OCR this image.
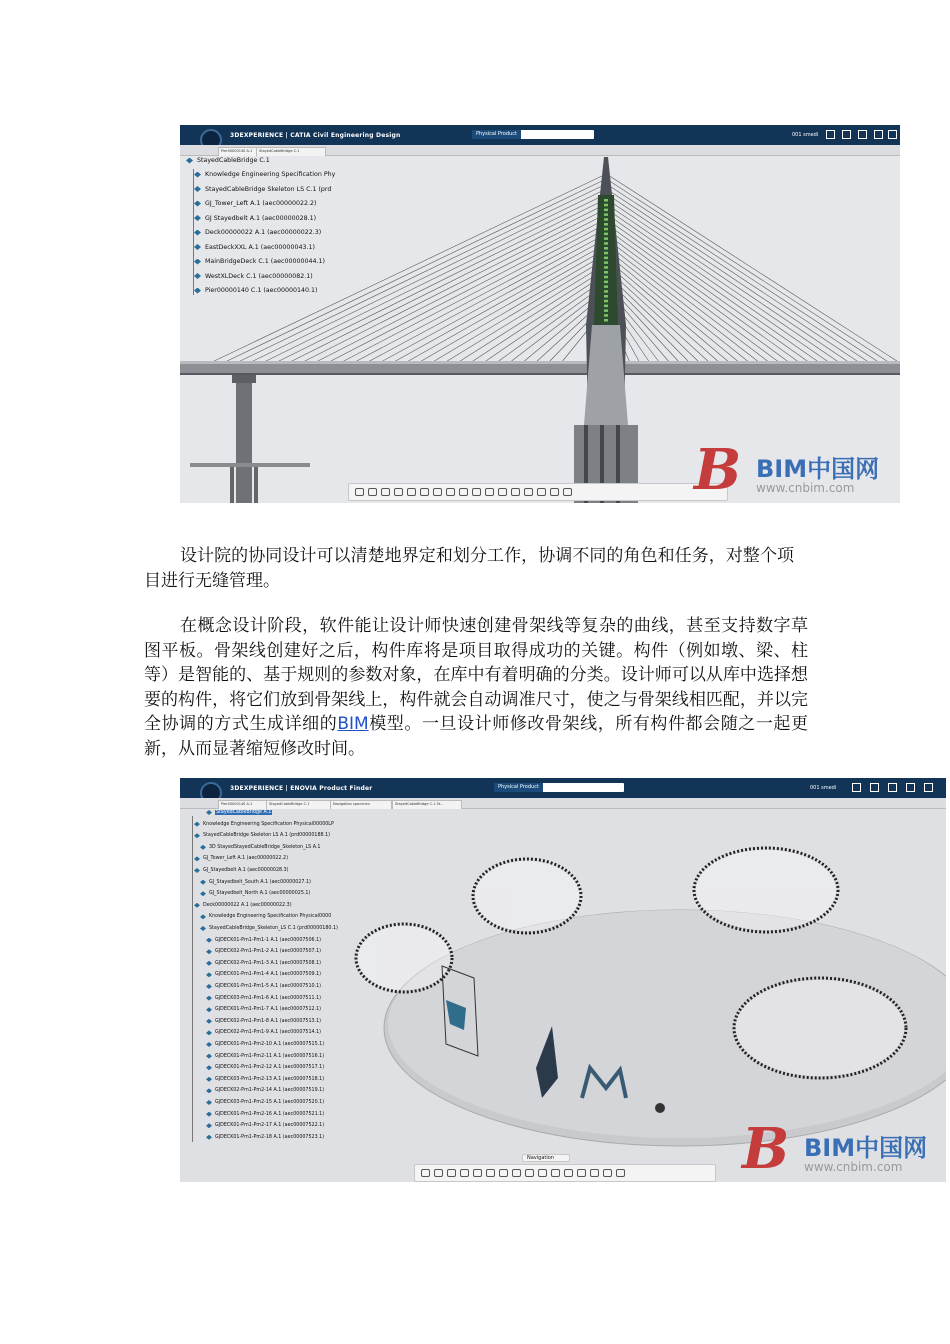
3DEXPERIENCE | CATIA Civil Engineering Design	Physical Product	001 smedi
Pier00000140 A.1	StayedCableBridge C.1
StayedCableBridge C.1
Knowledge Engineering Specification Phy
StayedCableBridge Skeleton LS C.1 (prd
GJ_Tower_Left A.1 (aec00000022.2)
GJ Stayedbelt A.1 (aec00000028.1)
Deck00000022 A.1 (aec00000022.3)
EastDeckXXL A.1 (aec00000043.1)
MainBridgeDeck C.1 (aec00000044.1)
WestXLDeck C.1 (aec00000082.1)
Pier00000140 C.1 (aec00000140.1)
B BIM中国网
www.cnbim.com

设计院的协同设计可以清楚地界定和划分工作，协调不同的角色和任务，对整个项目进行无缝管理。

在概念设计阶段，软件能让设计师快速创建骨架线等复杂的曲线，甚至支持数字草图平板。骨架线创建好之后，构件库将是项目取得成功的关键。构件（例如墩、梁、柱等）是智能的、基于规则的参数对象，在库中有着明确的分类。设计师可以从库中选择想要的构件，将它们放到骨架线上，构件就会自动调准尺寸，使之与骨架线相匹配，并以完全协调的方式生成详细的BIM模型。一旦设计师修改骨架线，所有构件都会随之一起更新，从而显著缩短修改时间。

3DEXPERIENCE | ENOVIA Product Finder	Physical Product	001 smedi
Pier00000140 A.1	StayedCableBridge C.1	Navigation specimen	StayedCableBridge C.1 St...
StayedCableBridge A.1
Knowledge Engineering Specification Physical00000LP
StayedCableBridge Skeleton LS A.1 (prd00000188.1)
3D StayedStayedCableBridge_Skeleton_LS A.1
GJ_Tower_Left A.1 (aec00000022.2)
GJ_Stayedbelt A.1 (aec00000028.3)
GJ_Stayedbelt_South A.1 (aec00000027.1)
GJ_Stayedbelt_North A.1 (aec00000025.1)
Deck00000022 A.1 (aec00000022.3)
Knowledge Engineering Specification Physical0000
StayedCableBridge_Skeleton_LS C.1 (prd00000180.1)
GJDECK01-Pm1-Pm1-1 A.1 (aec00007506.1)
GJDECK02-Pm1-Pm1-2 A.1 (aec00007507.1)
GJDECK02-Pm1-Pm1-3 A.1 (aec00007508.1)
GJDECK01-Pm1-Pm1-4 A.1 (aec00007509.1)
GJDECK01-Pm1-Pm1-5 A.1 (aec00007510.1)
GJDECK03-Pm1-Pm1-6 A.1 (aec00007511.1)
GJDECK01-Pm1-Pm1-7 A.1 (aec00007512.1)
GJDECK02-Pm1-Pm1-8 A.1 (aec00007513.1)
GJDECK02-Pm1-Pm1-9 A.1 (aec00007514.1)
GJDECK01-Pm1-Pm2-10 A.1 (aec00007515.1)
GJDECK01-Pm1-Pm2-11 A.1 (aec00007516.1)
GJDECK01-Pm1-Pm2-12 A.1 (aec00007517.1)
GJDECK03-Pm1-Pm2-13 A.1 (aec00007518.1)
GJDECK02-Pm1-Pm2-14 A.1 (aec00007519.1)
GJDECK03-Pm1-Pm2-15 A.1 (aec00007520.1)
GJDECK01-Pm1-Pm2-16 A.1 (aec00007521.1)
GJDECK01-Pm1-Pm2-17 A.1 (aec00007522.1)
GJDECK01-Pm1-Pm2-18 A.1 (aec00007523.1)
Navigation	B BIM中国网
www.cnbim.com
